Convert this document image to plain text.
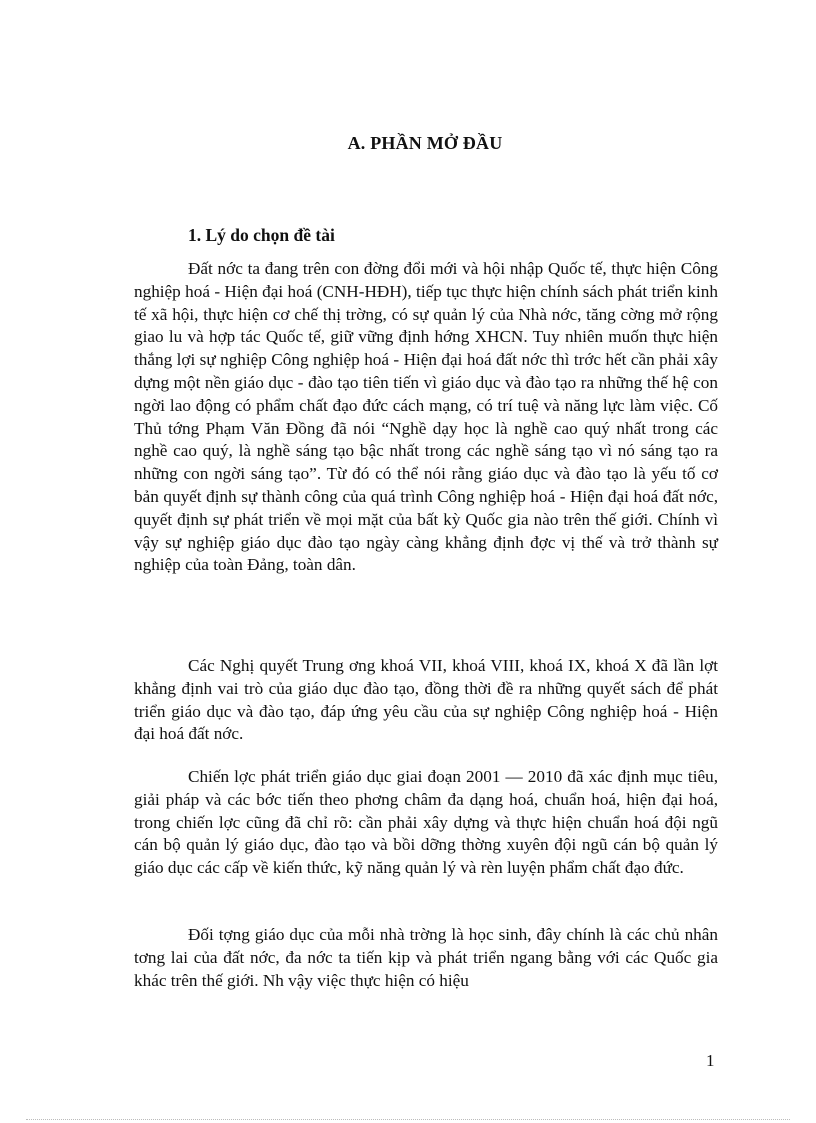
A. PHẦN MỞ ĐẦU
1. Lý do chọn đề tài

Đất nớc ta đang trên con đờng đổi mới và hội nhập Quốc tế, thực hiện Công nghiệp hoá - Hiện đại hoá (CNH-HĐH), tiếp tục thực hiện chính sách phát triển kinh tế xã hội, thực hiện cơ chế thị trờng, có sự quản lý của Nhà nớc, tăng cờng mở rộng giao lu và hợp tác Quốc tế, giữ vững định hớng XHCN. Tuy nhiên muốn thực hiện thắng lợi sự nghiệp Công nghiệp hoá - Hiện đại hoá đất nớc thì trớc hết cần phải xây dựng một nền giáo dục - đào tạo tiên tiến vì giáo dục và đào tạo ra những thế hệ con ngời lao động có phẩm chất đạo đức cách mạng, có trí tuệ và năng lực làm việc. Cố Thủ tớng Phạm Văn Đồng đã nói “Nghề dạy học là nghề cao quý nhất trong các nghề cao quý, là nghề sáng tạo bậc nhất trong các nghề sáng tạo vì nó sáng tạo ra những con ngời sáng tạo”. Từ đó có thể nói rằng giáo dục và đào tạo là yếu tố cơ bản quyết định sự thành công của quá trình Công nghiệp hoá - Hiện đại hoá đất nớc, quyết định sự phát triển về mọi mặt của bất kỳ Quốc gia nào trên thế giới. Chính vì vậy sự nghiệp giáo dục đào tạo ngày càng khẳng định đợc vị thế và trở thành sự nghiệp của toàn Đảng, toàn dân.

Các Nghị quyết Trung ơng khoá VII, khoá VIII, khoá IX, khoá X đã lần lợt khẳng định vai trò của giáo dục đào tạo, đồng thời đề ra những quyết sách để phát triển giáo dục và đào tạo, đáp ứng yêu cầu của sự nghiệp Công nghiệp hoá - Hiện đại hoá đất nớc.

Chiến lợc phát triển giáo dục giai đoạn 2001 — 2010 đã xác định mục tiêu, giải pháp và các bớc tiến theo phơng châm đa dạng hoá, chuẩn hoá, hiện đại hoá, trong chiến lợc cũng đã chỉ rõ: cần phải xây dựng và thực hiện chuẩn hoá đội ngũ cán bộ quản lý giáo dục, đào tạo và bồi dỡng thờng xuyên đội ngũ cán bộ quản lý giáo dục các cấp về kiến thức, kỹ năng quản lý và rèn luyện phẩm chất đạo đức.

Đối tợng giáo dục của mỗi nhà trờng là học sinh, đây chính là các chủ nhân tơng lai của đất nớc, đa nớc ta tiến kịp và phát triển ngang bằng với các Quốc gia khác trên thế giới. Nh vậy việc thực hiện có hiệu

1
